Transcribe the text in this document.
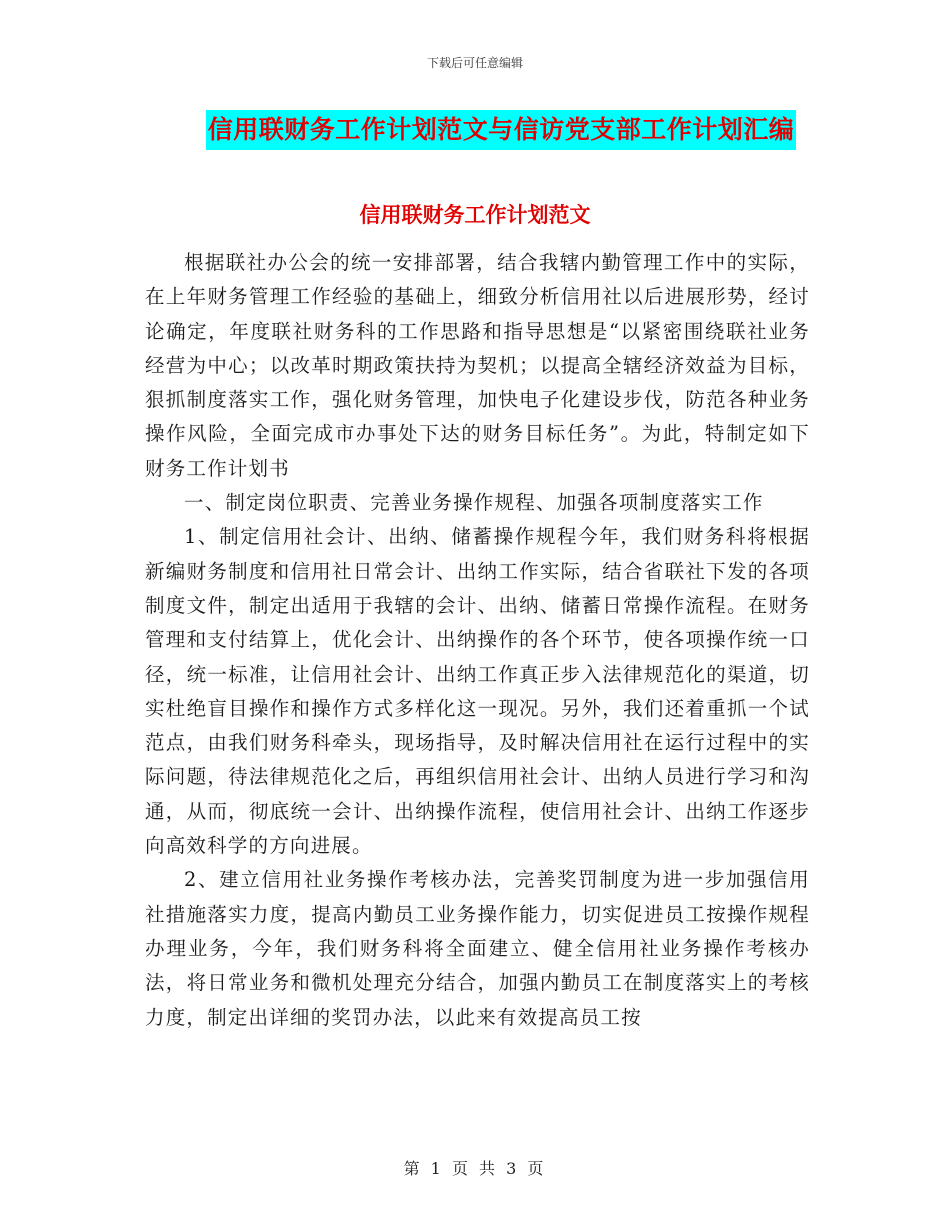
下载后可任意编辑
信用联财务工作计划范文与信访党支部工作计划汇编
信用联财务工作计划范文

根据联社办公会的统一安排部署，结合我辖内勤管理工作中的实际，在上年财务管理工作经验的基础上，细致分析信用社以后进展形势，经讨论确定，年度联社财务科的工作思路和指导思想是“以紧密围绕联社业务经营为中心；以改革时期政策扶持为契机；以提高全辖经济效益为目标，狠抓制度落实工作，强化财务管理，加快电子化建设步伐，防范各种业务操作风险，全面完成市办事处下达的财务目标任务”。为此，特制定如下财务工作计划书

一、制定岗位职责、完善业务操作规程、加强各项制度落实工作

1、制定信用社会计、出纳、储蓄操作规程今年，我们财务科将根据新编财务制度和信用社日常会计、出纳工作实际，结合省联社下发的各项制度文件，制定出适用于我辖的会计、出纳、储蓄日常操作流程。在财务管理和支付结算上，优化会计、出纳操作的各个环节，使各项操作统一口径，统一标准，让信用社会计、出纳工作真正步入法律规范化的渠道，切实杜绝盲目操作和操作方式多样化这一现况。另外，我们还着重抓一个试范点，由我们财务科牵头，现场指导，及时解决信用社在运行过程中的实际问题，待法律规范化之后，再组织信用社会计、出纳人员进行学习和沟通，从而，彻底统一会计、出纳操作流程，使信用社会计、出纳工作逐步向高效科学的方向进展。

2、建立信用社业务操作考核办法，完善奖罚制度为进一步加强信用社措施落实力度，提高内勤员工业务操作能力，切实促进员工按操作规程办理业务，今年，我们财务科将全面建立、健全信用社业务操作考核办法，将日常业务和微机处理充分结合，加强内勤员工在制度落实上的考核力度，制定出详细的奖罚办法，以此来有效提高员工按

第 1 页 共 3 页
